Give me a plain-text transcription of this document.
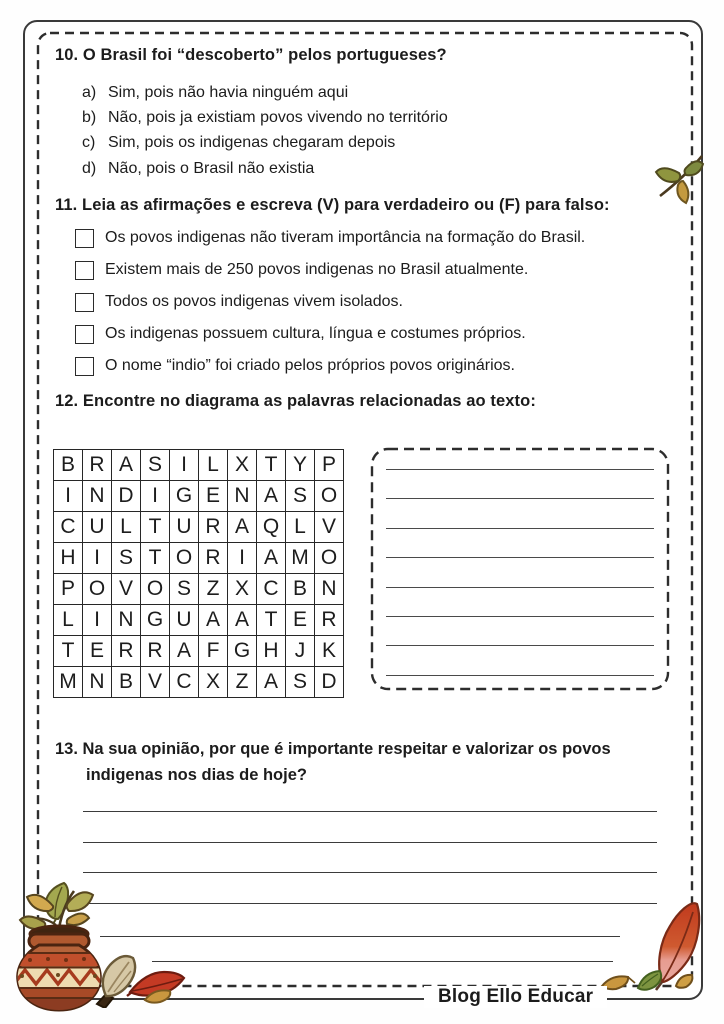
10. O Brasil foi “descoberto” pelos portugueses?
a) Sim, pois não havia ninguém aqui
b) Não, pois ja existiam povos vivendo no território
c) Sim, pois os indigenas chegaram depois
d) Não, pois o Brasil não existia
11. Leia as afirmações e escreva (V) para verdadeiro ou (F) para falso:
Os povos indigenas não tiveram importância na formação do Brasil.
Existem mais de 250 povos indigenas no Brasil atualmente.
Todos os povos indigenas vivem isolados.
Os indigenas possuem cultura, língua e costumes próprios.
O nome “indio” foi criado pelos próprios povos originários.
12. Encontre no diagrama as palavras relacionadas ao texto:
B	R	A	S	I	L	X	T	Y	P
I	N	D	I	G	E	N	A	S	O
C	U	L	T	U	R	A	Q	L	V
H	I	S	T	O	R	I	A	M	O
P	O	V	O	S	Z	X	C	B	N
L	I	N	G	U	A	A	T	E	R
T	E	R	R	A	F	G	H	J	K
M	N	B	V	C	X	Z	A	S	D
13. Na sua opinião, por que é importante respeitar e valorizar os povos indigenas nos dias de hoje?
Blog Ello Educar
